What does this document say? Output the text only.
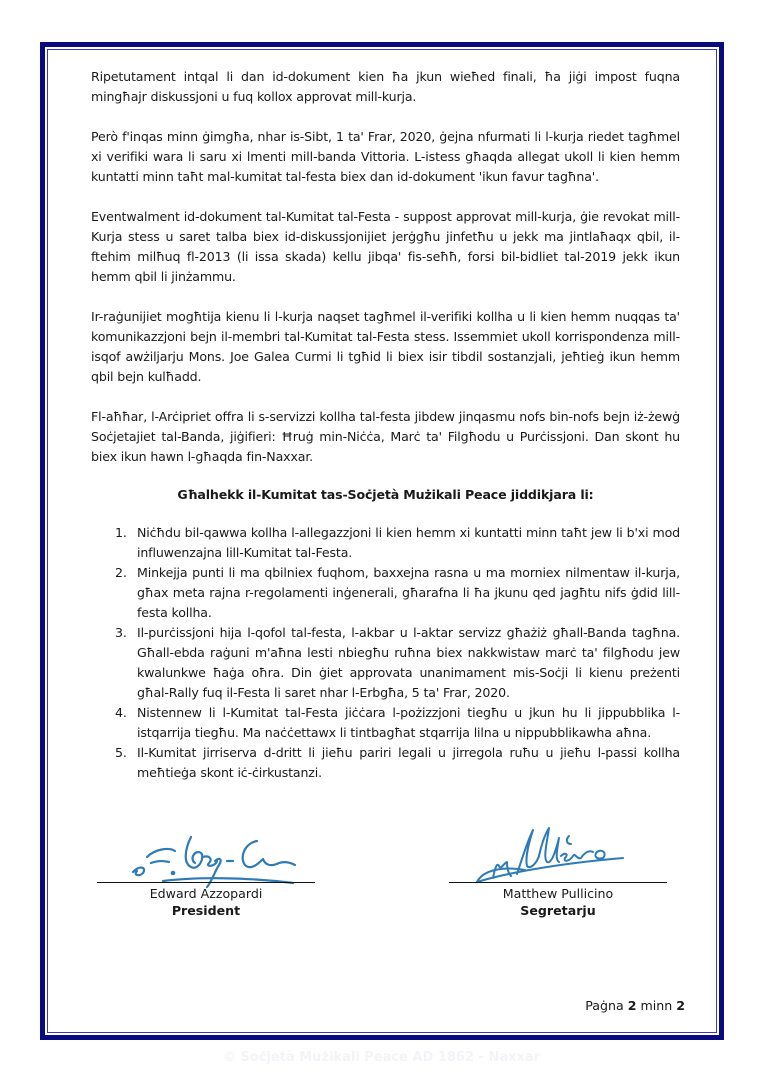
Ripetutament intqal li dan id-dokument kien ħa jkun wieħed finali, ħa jiġi impost fuqna mingħajr diskussjoni u fuq kollox approvat mill-kurja.

Però f'inqas minn ġimgħa, nhar is-Sibt, 1 ta' Frar, 2020, ġejna nfurmati li l-kurja riedet tagħmel xi verifiki wara li saru xi lmenti mill-banda Vittoria. L-istess għaqda allegat ukoll li kien hemm kuntatti minn taħt mal-kumitat tal-festa biex dan id-dokument 'ikun favur tagħna'.

Eventwalment id-dokument tal-Kumitat tal-Festa - suppost approvat mill-kurja, ġie revokat mill-Kurja stess u saret talba biex id-diskussjonijiet jerġgħu jinfetħu u jekk ma jintlaħaqx qbil, il-ftehim milħuq fl-2013 (li issa skada) kellu jibqa' fis-seħħ, forsi bil-bidliet tal-2019 jekk ikun hemm qbil li jinżammu.

Ir-raġunijiet mogħtija kienu li l-kurja naqset tagħmel il-verifiki kollha u li kien hemm nuqqas ta' komunikazzjoni bejn il-membri tal-Kumitat tal-Festa stess. Issemmiet ukoll korrispondenza mill-isqof awżiljarju Mons. Joe Galea Curmi li tgħid li biex isir tibdil sostanzjali, jeħtieġ ikun hemm qbil bejn kulħadd.

Fl-aħħar, l-Arċipriet offra li s-servizzi kollha tal-festa jibdew jinqasmu nofs bin-nofs bejn iż-żewġ Soċjetajiet tal-Banda, jiġifieri: Ħruġ min-Niċċa, Marċ ta' Filgħodu u Purċissjoni. Dan skont hu biex ikun hawn l-għaqda fin-Naxxar.

Għalhekk il-Kumitat tas-Soċjetà Mużikali Peace jiddikjara li:

1. Niċħdu bil-qawwa kollha l-allegazzjoni li kien hemm xi kuntatti minn taħt jew li b'xi mod influwenzajna lill-Kumitat tal-Festa.
2. Minkejja punti li ma qbilniex fuqhom, baxxejna rasna u ma morniex nilmentaw il-kurja, għax meta rajna r-regolamenti inġenerali, għarafna li ħa jkunu qed jagħtu nifs ġdid lill-festa kollha.
3. Il-purċissjoni hija l-qofol tal-festa, l-akbar u l-aktar servizz għażiż għall-Banda tagħna. Għall-ebda raġuni m'aħna lesti nbiegħu ruħna biex nakkwistaw marċ ta' filgħodu jew kwalunkwe ħaġa oħra. Din ġiet approvata unanimament mis-Soċji li kienu preżenti għal-Rally fuq il-Festa li saret nhar l-Erbgħa, 5 ta' Frar, 2020.
4. Nistennew li l-Kumitat tal-Festa jiċċara l-pożizzjoni tiegħu u jkun hu li jippubblika l-istqarrija tiegħu. Ma naċċettawx li tintbagħat stqarrija lilna u nippubblikawha aħna.
5. Il-Kumitat jirriserva d-dritt li jieħu pariri legali u jirregola ruħu u jieħu l-passi kollha meħtieġa skont iċ-ċirkustanzi.
Edward Azzopardi
President
Matthew Pullicino
Segretarju
Paġna 2 minn 2
© Soċjetà Mużikali Peace AD 1862 - Naxxar
